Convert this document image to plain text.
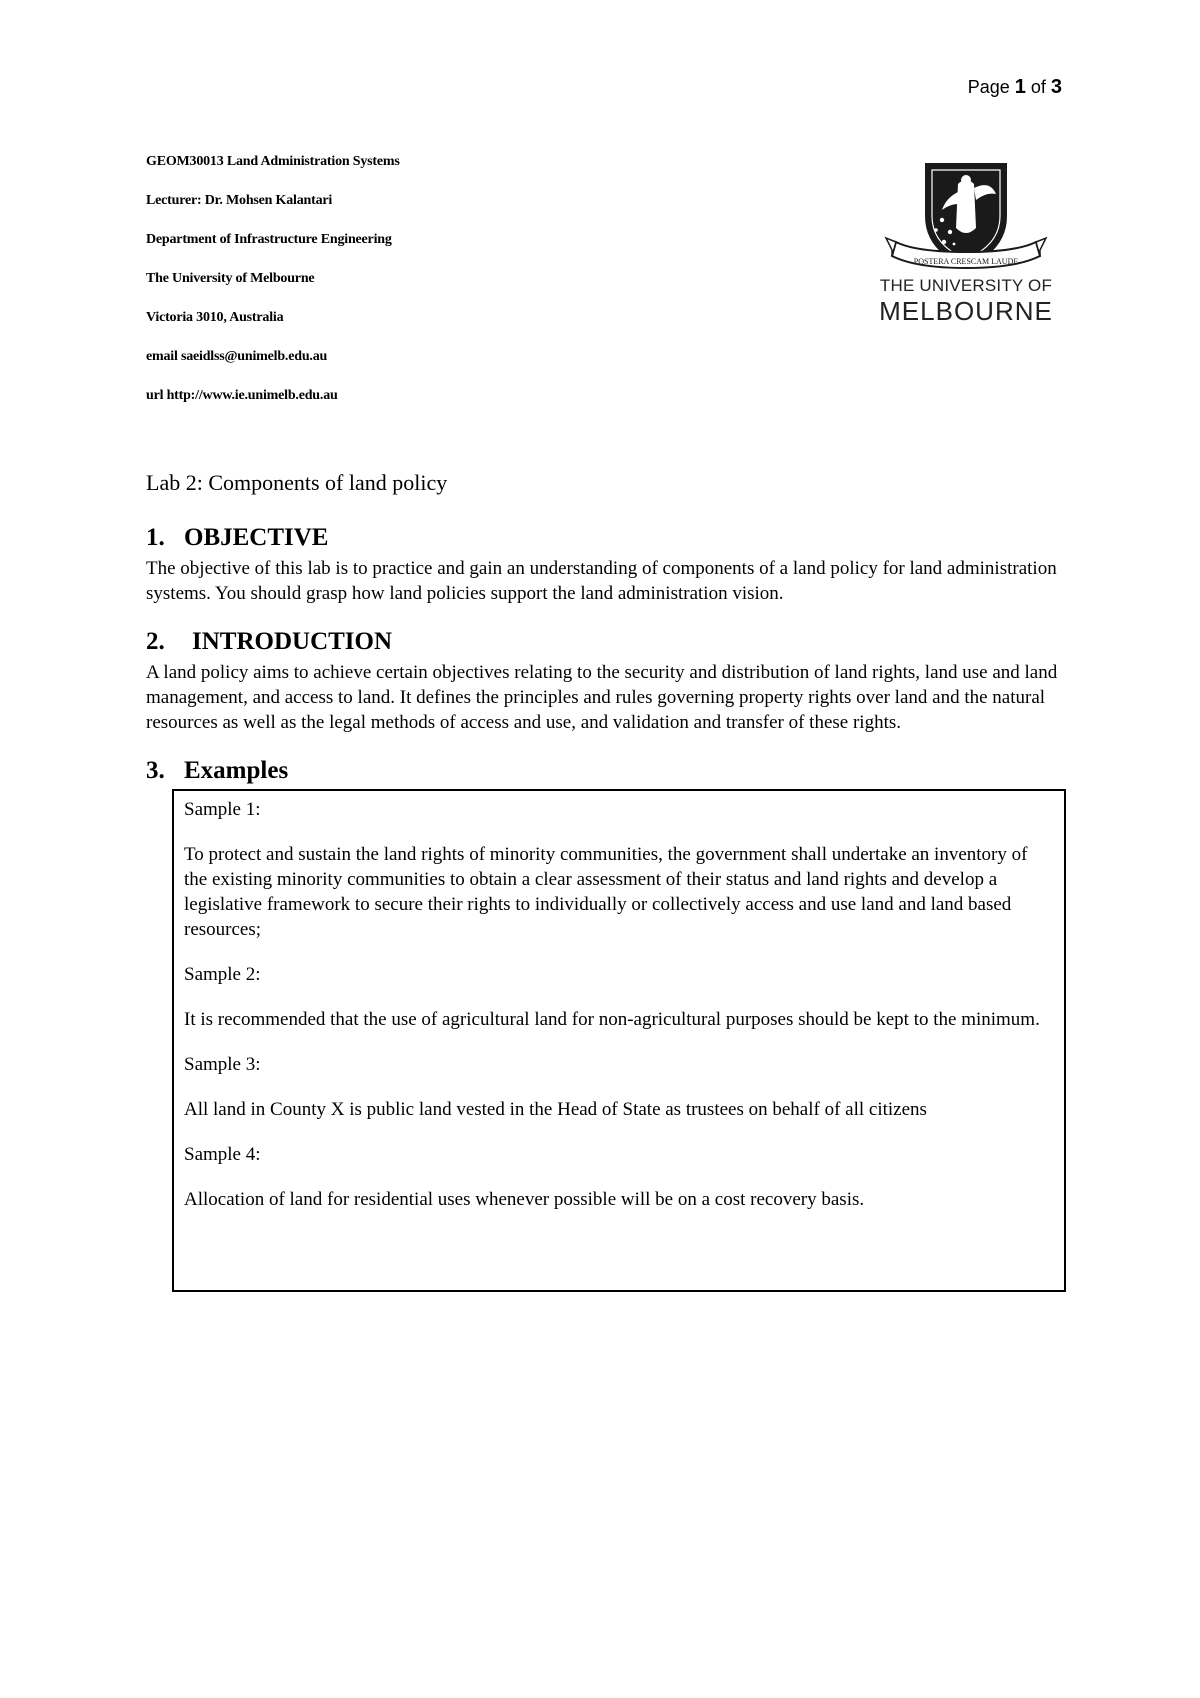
Page 1 of 3
GEOM30013 Land Administration Systems
Lecturer: Dr. Mohsen Kalantari
Department of Infrastructure Engineering
The University of Melbourne
Victoria 3010, Australia
email saeidlss@unimelb.edu.au
url http://www.ie.unimelb.edu.au
POSTERA CRESCAM LAUDE
THE UNIVERSITY OF
MELBOURNE
Lab 2: Components of land policy
1. OBJECTIVE

The objective of this lab is to practice and gain an understanding of components of a land policy for land administration systems. You should grasp how land policies support the land administration vision.

2.	INTRODUCTION

A land policy aims to achieve certain objectives relating to the security and distribution of land rights, land use and land management, and access to land. It defines the principles and rules governing property rights over land and the natural resources as well as the legal methods of access and use, and validation and transfer of these rights.

3. Examples

Sample 1:

To protect and sustain the land rights of minority communities, the government shall undertake an inventory of the existing minority communities to obtain a clear assessment of their status and land rights and develop a legislative framework to secure their rights to individually or collectively access and use land and land based resources;

Sample 2:

It is recommended that the use of agricultural land for non-agricultural purposes should be kept to the minimum.

Sample 3:

All land in County X is public land vested in the Head of State as trustees on behalf of all citizens

Sample 4:

Allocation of land for residential uses whenever possible will be on a cost recovery basis.
